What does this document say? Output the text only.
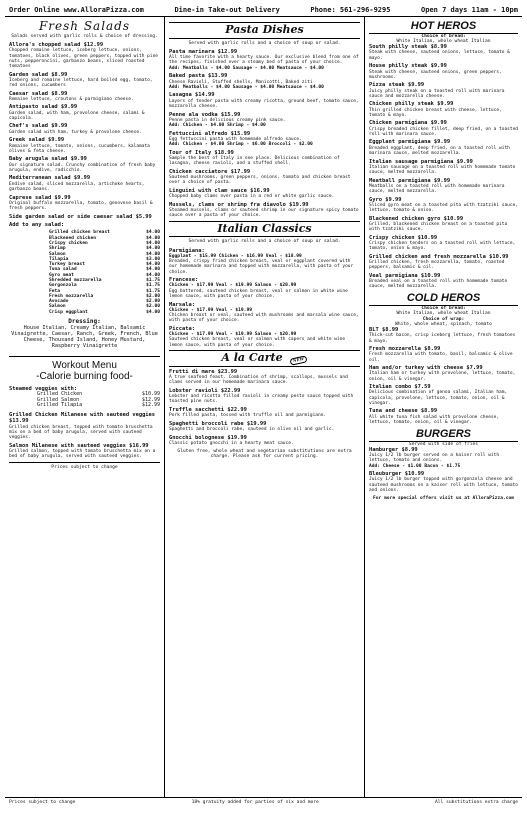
Order Online www.AlloraPizza.com	Dine-in Take-out Delivery	Phone: 561-296-9295	Open 7 days 11am - 10pm
Fresh Salads
Salads served with garlic rolls & choice of dressing.
Allora's chopped salad $12.99
Chopped romaine lettuce, iceberg lettuce, onions, tomatoes, black olives, green peppers, topped with pine nuts, pepperoncini, garbanzo beans, sliced roasted tomatoes
Garden salad $8.99
Iceberg and romaine lettuce, hard boiled egg, tomato, red onions, cucumbers
Caesar salad $8.99
Romaine lettuce, croutons & parmigiano cheese.
Antipasto salad $9.99
Garden salad, with ham, provolone cheese, salami & capicola.
Chef's salad $9.99
Garden salad with ham, turkey & provolone cheese.
Greek salad $9.99
Romaine lettuce, tomato, onions, cucumbers, kalamata olives & feta cheese.
Baby arugula salad $9.99
Our signature salad. Crunchy combination of fresh baby arugula, endive, radicchio.
Mediterranean salad $9.99
Endive salad, sliced mozzarella, artichoke hearts, garbanzo beans.
Caprese salad $9.99
Original buffalo mozzarella, tomato, genovese basil & fresh peppers.
Side garden salad or side caesar salad $5.99
Add to any salad:
Grilled chicken breast	$4.00
Blackened chicken	$4.00
Crispy chicken	$4.00
Shrimp	$4.00
Salmon	$4.00
Tilapia	$3.00
Turkey breast	$4.00
Tuna salad	$4.00
Gyro meat	$4.00
Shredded mozzarella	$1.75
Gorgonzola	$1.75
Feta	$1.75
Fresh mozzarella	$2.00
Avocado	$2.00
Salmon	$2.00
Crisp eggplant	$4.00
Dressing:
House Italian, Creamy Italian, Balsamic Vinaigrette, Caesar, Ranch, Greek, French, Blue Cheese, Thousand Island, Honey Mustard, Raspberry Vinaigrette
Workout Menu
-Calorie burning food-
Steamed veggies with:
Grilled Chicken	$10.99
Grilled Salmon	$12.99
Grilled Tilapia	$12.99
Grilled Chicken Milanese with sauteed veggies $13.99
Grilled chicken breast, topped with tomato bruschetta mix on a bed of baby arugula, served with sauteed veggies.
Salmon Milanese with sauteed veggies $16.99
Grilled salmon, topped with tomato bruschetta mix on a bed of baby arugula, served with sauteed veggies.
Prices subject to change
Pasta Dishes
Served with garlic rolls and a choice of soup or salad.
Pasta marinara $12.99
All time favorite with a hearty sauce. Our exclusive blend from one of the recipes, finished over a steamy bed of pasta of your choice.
Add: Meatballs - $4.00 Sausage - $4.00 Meatsauce - $4.00
Baked pasta $13.99
Cheese Ravioli, Stuffed shells, Manicotti, Baked ziti
Add: Meatballs - $4.00 Sausage - $4.00 Meatsauce - $4.00
Lasagna $14.99
Layers of tender pasta with creamy ricotta, ground beef, tomato sauce, mozzarella cheese.
Penne ala vodka $15.99
Penne pasta in delicious creamy pink sauce.
Add: Chicken - $4.00 Shrimp - $4.00
Fettuccini alfredo $15.99
Egg fettuccini pasta with homemade alfredo sauce.
Add: Chicken - $4.00 Shrimp - $6.00 Broccoli - $2.00
Tour of Italy $18.99
Sample the best of Italy in one place. Delicious combination of lasagna, cheese ravioli, and a stuffed shell.
Chicken cacciatore $17.99
Sauteed mushrooms, green peppers, onions, tomato and chicken breast over a choice of pasta.
Linguini with clam sauce $16.99
Chopped baby clams over pasta in a red or white garlic sauce.
Mussels, clams or shrimp fra diavolo $19.99
Steamed mussels, clams or sauteed shrimp in our signature spicy tomato sauce over a pasta of your choice.
Italian Classics
Served with garlic rolls and a choice of soup or salad.
Parmigiana:
Eggplant - $15.99 Chicken - $16.99 Veal - $18.99
Breaded, crispy fried chicken breast, veal or eggplant covered with our homemade marinara and topped with mozzarella, with pasta of your choice.
Francese:
Chicken - $17.99 Veal - $19.99 Salmon - $20.99
Egg battered, sauteed chicken breast, veal or salmon in white wine lemon sauce, with pasta of your choice.
Marsala:
Chicken - $17.99 Veal - $19.99
Chicken breast or veal, sauteed with mushrooms and marsala wine sauce, with pasta of your choice.
Piccata:
Chicken - $17.99 Veal - $19.99 Salmon - $20.99
Sauteed chicken breast, veal or salmon with capers and white wine lemon sauce, with pasta of your choice.
A la Carte	NEW
Frutti di mare $23.99
A true seafood feast. Combination of shrimp, scallops, mussels and clams served in our homemade marinara sauce.
Lobster ravioli $22.99
Lobster and ricotta filled ravioli in creamy pesto sauce topped with toasted pine nuts.
Truffle sacchetti $22.99
Pork filled pasta, tossed with truffle oil and parmigiano.
Spaghetti broccoli rabe $19.99
Spaghetti and broccoli rabe, sauteed in olive oil and garlic.
Gnocchi bolognese $19.99
Classic potato gnocchi in a hearty meat sauce.
Gluten free, whole wheat and vegetarian substitutions are extra charge. Please ask for current pricing.
HOT HEROS
Choice of bread:
White Italian, whole wheat Italian
South philly steak $8.99
Steak with cheese, sauteed onions, lettuce, tomato & mayo.
House philly steak $9.99
Steak with cheese, sauteed onions, green peppers, mushrooms.
Pizza steak $9.99
Juicy philly steak on a toasted roll with marinara sauce and mozzarella cheese.
Chicken philly steak $9.99
Thin grilled chicken breast with cheese, lettuce, tomato & mayo.
Chicken parmigiana $9.99
Crispy breaded chicken fillet, deep fried, on a toasted roll with marinara sauce.
Eggplant parmigiana $9.99
Breaded eggplant, deep fried, on a toasted roll with marinara sauce, melted mozzarella.
Italian sausage parmigiana $9.99
Italian sausage on a toasted roll with homemade tomato sauce, melted mozzarella.
Meatball parmigiana $9.99
Meatballs on a toasted roll with homemade marinara sauce, melted mozzarella.
Gyro $9.99
Sliced gyro meat on a toasted pita with tzatziki sauce, lettuce, tomato & onion.
Blackened chicken gyro $10.99
Grilled, blackened chicken breast on a toasted pita with tzatziki sauce.
Crispy chicken $10.99
Crispy chicken tenders on a toasted roll with lettuce, tomato, onion & mayo.
Grilled chicken and fresh mozzarella $10.99
Grilled chicken, fresh mozzarella, tomato, roasted peppers, balsamic & oil.
Veal parmigiana $10.99
Breaded veal on a toasted roll with homemade tomato sauce, melted mozzarella.
COLD HEROS
Choice of bread:
White Italian, whole wheat Italian
Choice of wrap:
White, whole wheat, spinach, tomato
BLT $8.99
Thick-cut bacon, crisp iceberg lettuce, fresh tomatoes & mayo.
Fresh mozzarella $8.99
Fresh mozzarella with tomato, basil, balsamic & olive oil.
Ham and/or turkey with cheese $7.99
Italian ham or turkey with provolone, lettuce, tomato, onion, oil & vinegar.
Italian combo $7.59
Delicious combination of genoa salami, Italian ham, capicola, provolone, lettuce, tomato, onion, oil & vinegar.
Tuna and cheese $8.99
All white tuna fish salad with provolone cheese, lettuce, tomato, onion, oil & vinegar.
BURGERS
Served with side of fries
Hamburger $8.99
Juicy 1/2 lb burger served on a kaiser roll with lettuce, tomato and onions.
Add: Cheese - $1.00 Bacon - $1.75
Bleuburger $10.99
Juicy 1/2 lb burger topped with gorgonzola cheese and sauteed mushrooms on a kaiser roll with lettuce, tomato and onions.
For more special offers visit us at AlloraPizza.com
Prices subject to change	18% gratuity added for parties of six and more	All substitutions extra charge
